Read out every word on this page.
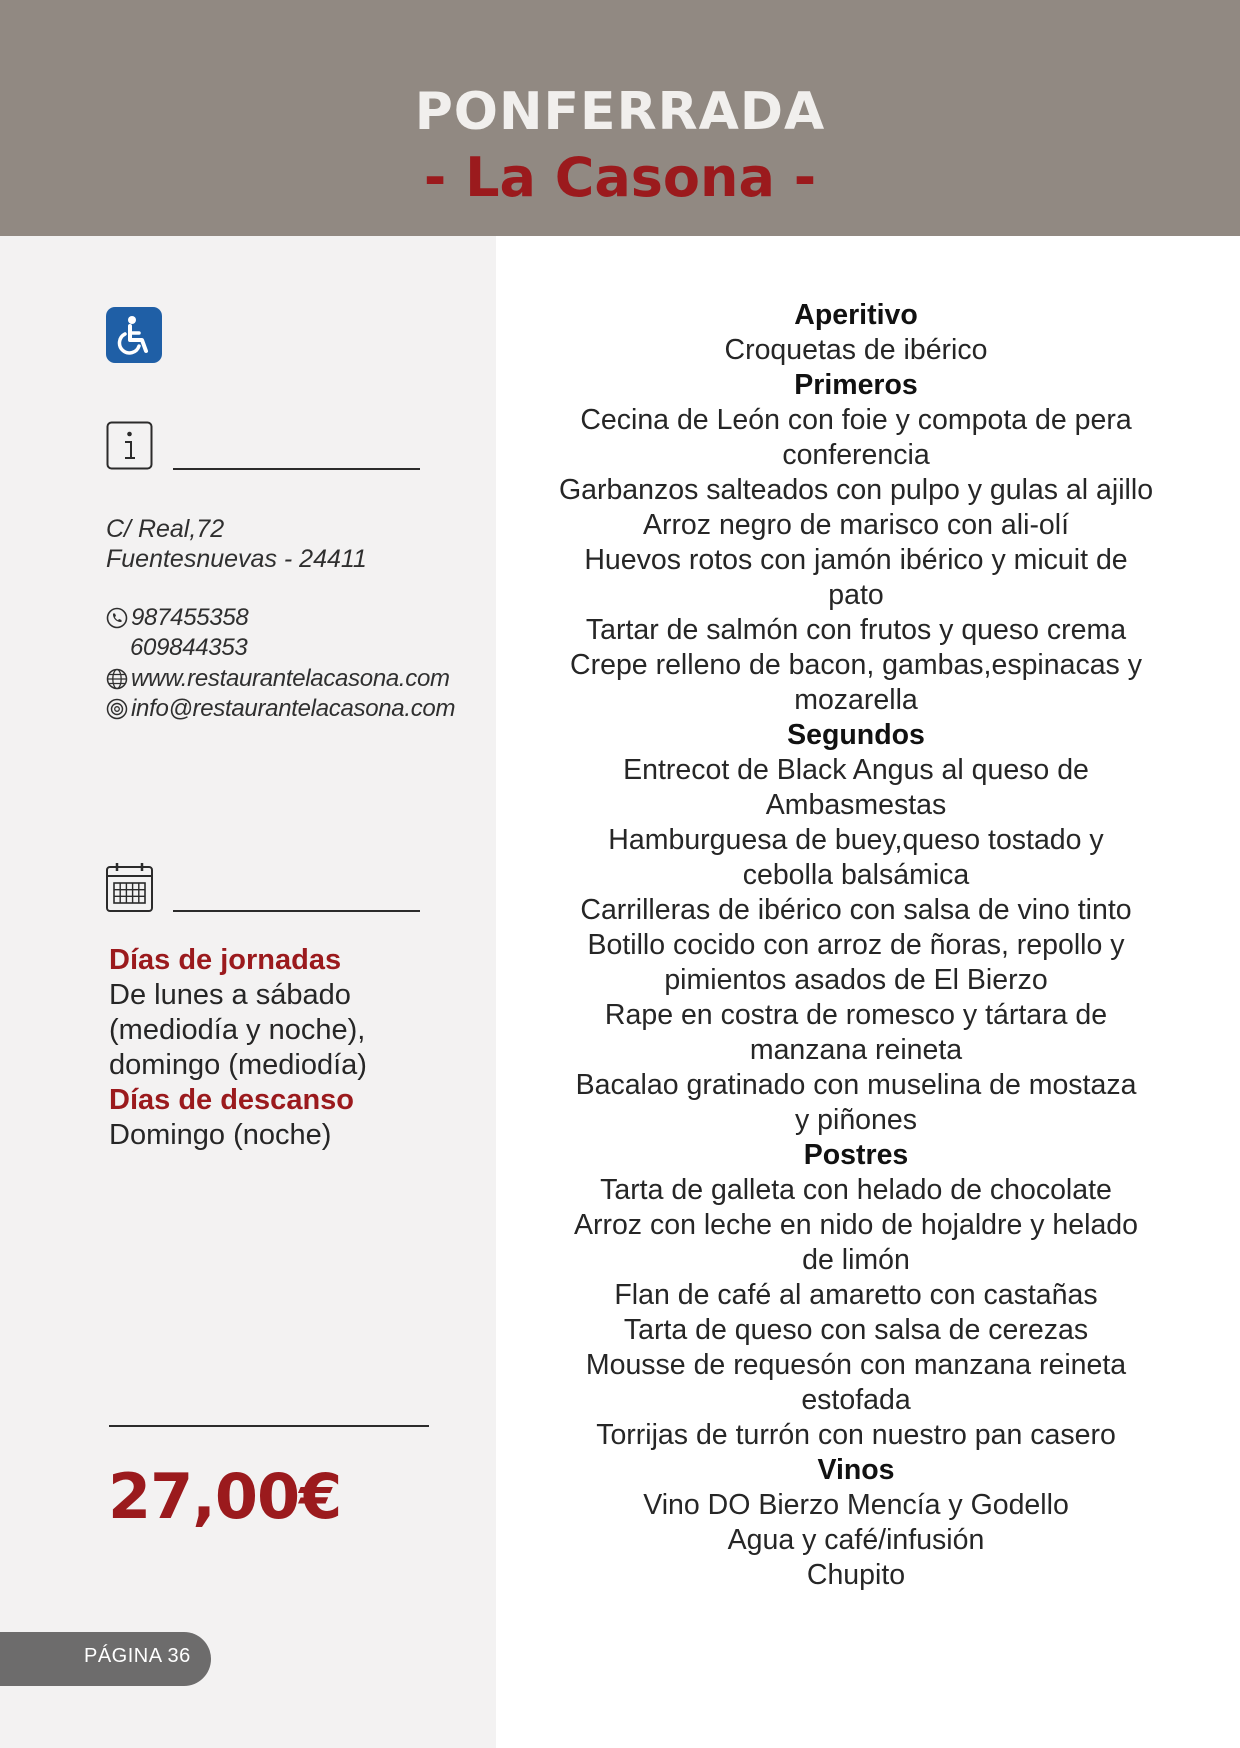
PONFERRADA
- La Casona -
C/ Real,72
Fuentesnuevas - 24411
987455358
609844353
www.restaurantelacasona.com
info@restaurantelacasona.com
Días de jornadas
De lunes a sábado
(mediodía y noche),
domingo (mediodía)
Días de descanso
Domingo (noche)
27,00€
PÁGINA 36
Aperitivo
Croquetas de ibérico
Primeros
Cecina de León con foie y compota de pera
conferencia
Garbanzos salteados con pulpo y gulas al ajillo
Arroz negro de marisco con ali-olí
Huevos rotos con jamón ibérico y micuit de
pato
Tartar de salmón con frutos y queso crema
Crepe relleno de bacon, gambas,espinacas y
mozarella
Segundos
Entrecot de Black Angus al queso de
Ambasmestas
Hamburguesa de buey,queso tostado y
cebolla balsámica
Carrilleras de ibérico con salsa de vino tinto
Botillo cocido con arroz de ñoras, repollo y
pimientos asados de El Bierzo
Rape en costra de romesco y tártara de
manzana reineta
Bacalao gratinado con muselina de mostaza
y piñones
Postres
Tarta de galleta con helado de chocolate
Arroz con leche en nido de hojaldre y helado
de limón
Flan de café al amaretto con castañas
Tarta de queso con salsa de cerezas
Mousse de requesón con manzana reineta
estofada
Torrijas de turrón con nuestro pan casero
Vinos
Vino DO Bierzo Mencía y Godello
Agua y café/infusión
Chupito
